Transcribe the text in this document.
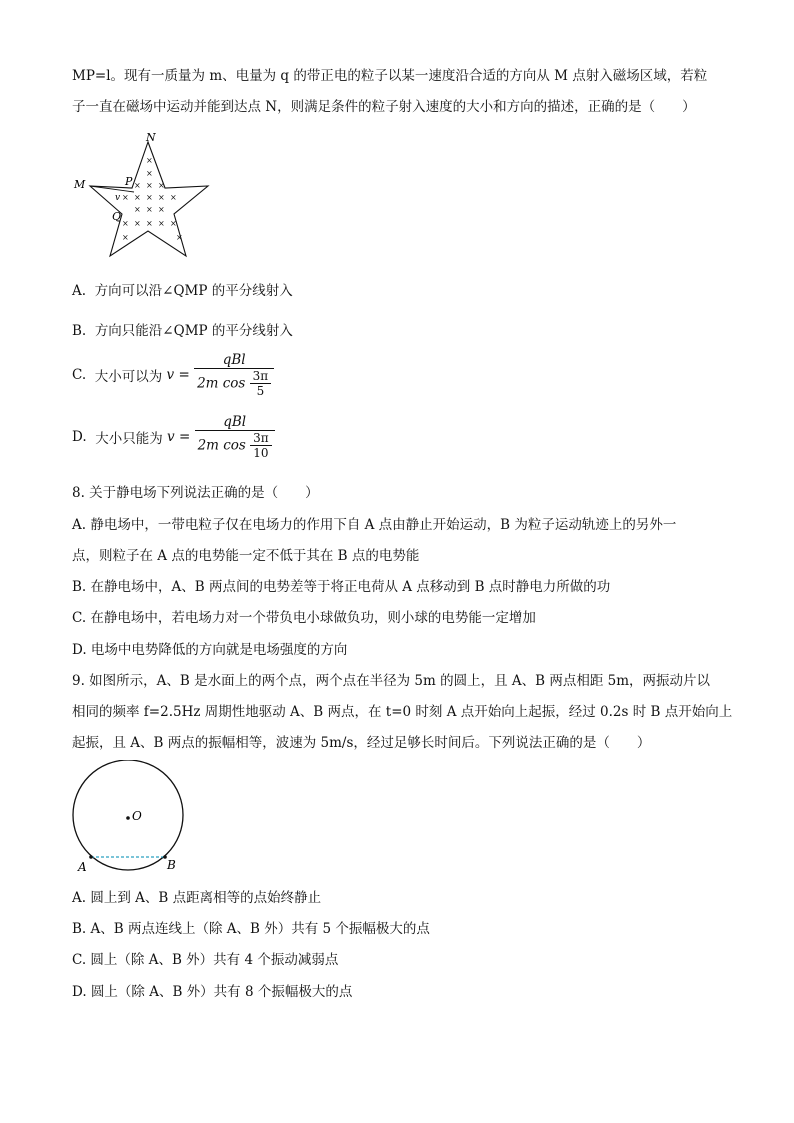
MP=l。现有一质量为 m、电量为 q 的带正电的粒子以某一速度沿合适的方向从 M 点射入磁场区域，若粒
子一直在磁场中运动并能到达点 N，则满足条件的粒子射入速度的大小和方向的描述，正确的是（　　）
N
M	P
Q
v
×
×
× × ×
× × × × ×
× × ×
× × × × ×
×	×
A. 方向可以沿∠QMP 的平分线射入
B. 方向只能沿∠QMP 的平分线射入
C. 大小可以为 $v = \frac{\text{qBl}}{2m \cos \frac{3\pi}{5}}$
D. 大小只能为 $v = \frac{\text{qBl}}{2m \cos \frac{3\pi}{10}}$
8. 关于静电场下列说法正确的是（　　）
A. 静电场中，一带电粒子仅在电场力的作用下自 A 点由静止开始运动，B 为粒子运动轨迹上的另外一
点，则粒子在 A 点的电势能一定不低于其在 B 点的电势能
B. 在静电场中，A、B 两点间的电势差等于将正电荷从 A 点移动到 B 点时静电力所做的功
C. 在静电场中，若电场力对一个带负电小球做负功，则小球的电势能一定增加
D. 电场中电势降低的方向就是电场强度的方向
9. 如图所示，A、B 是水面上的两个点，两个点在半径为 5m 的圆上，且 A、B 两点相距 5m，两振动片以
相同的频率 f=2.5Hz 周期性地驱动 A、B 两点，在 t=0 时刻 A 点开始向上起振，经过 0.2s 时 B 点开始向上
起振，且 A、B 两点的振幅相等，波速为 5m/s，经过足够长时间后。下列说法正确的是（　　）
O
A	B
A. 圆上到 A、B 点距离相等的点始终静止
B. A、B 两点连线上（除 A、B 外）共有 5 个振幅极大的点
C. 圆上（除 A、B 外）共有 4 个振动减弱点
D. 圆上（除 A、B 外）共有 8 个振幅极大的点
